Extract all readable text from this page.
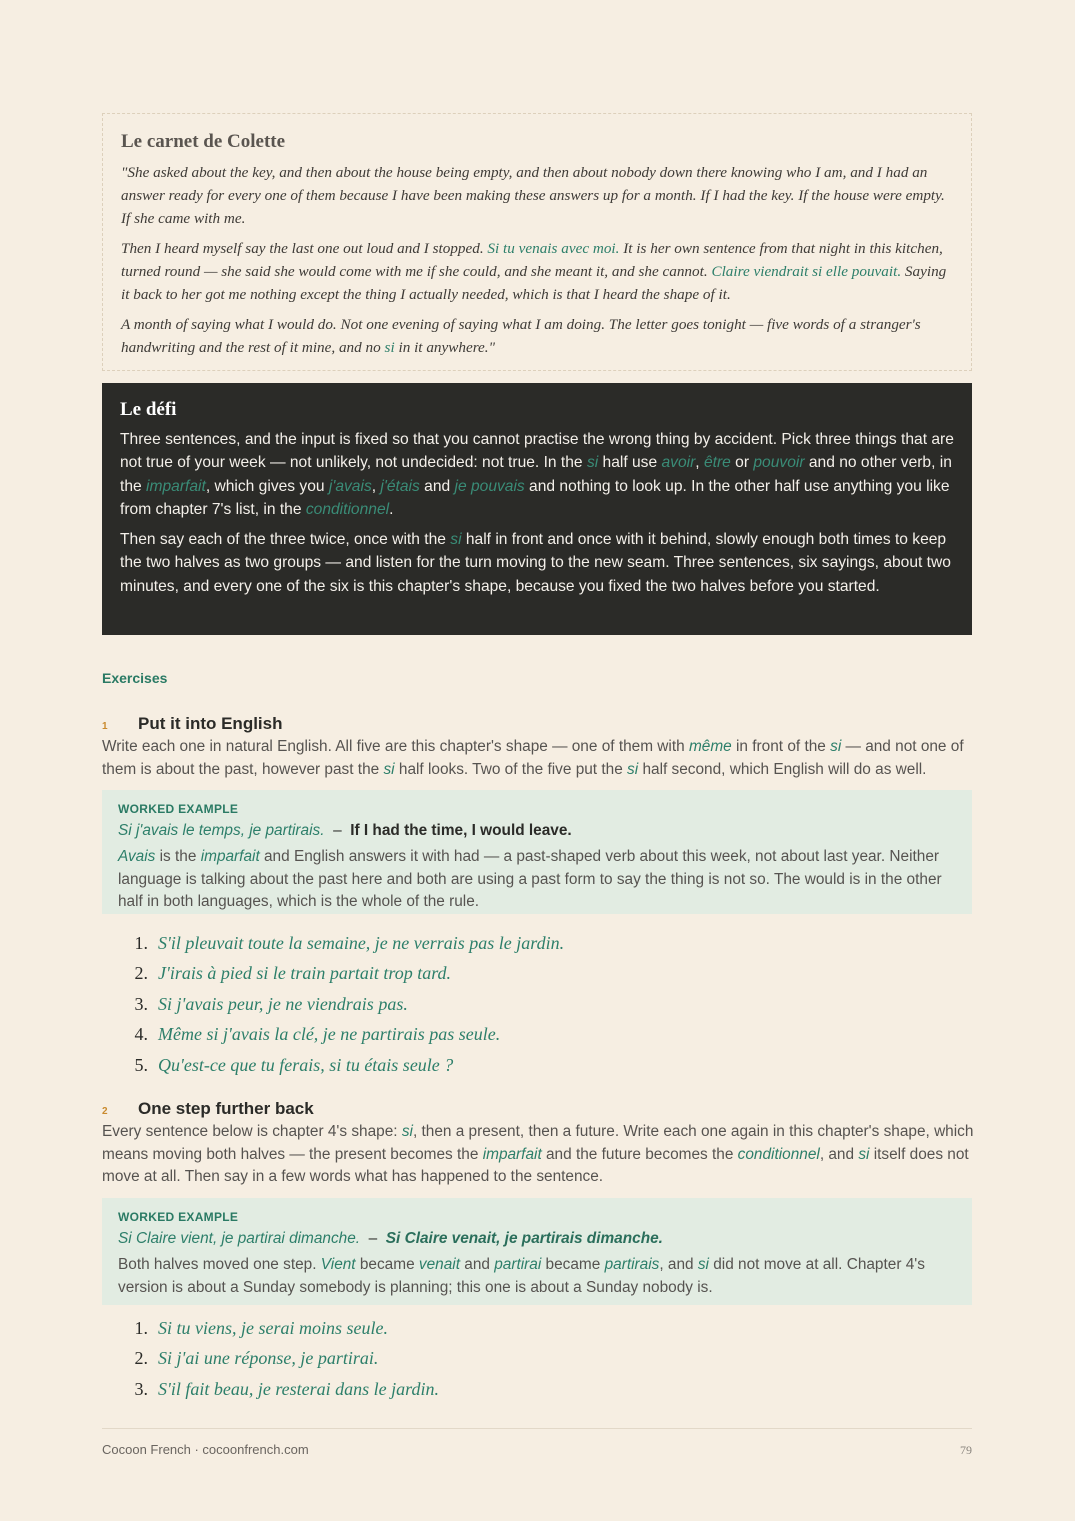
Le carnet de Colette

"She asked about the key, and then about the house being empty, and then about nobody down there knowing who I am, and I had an answer ready for every one of them because I have been making these answers up for a month. If I had the key. If the house were empty. If she came with me.

Then I heard myself say the last one out loud and I stopped. Si tu venais avec moi. It is her own sentence from that night in this kitchen, turned round — she said she would come with me if she could, and she meant it, and she cannot. Claire viendrait si elle pouvait. Saying it back to her got me nothing except the thing I actually needed, which is that I heard the shape of it.

A month of saying what I would do. Not one evening of saying what I am doing. The letter goes tonight — five words of a stranger's handwriting and the rest of it mine, and no si in it anywhere."

Le défi

Three sentences, and the input is fixed so that you cannot practise the wrong thing by accident. Pick three things that are not true of your week — not unlikely, not undecided: not true. In the si half use avoir, être or pouvoir and no other verb, in the imparfait, which gives you j'avais, j'étais and je pouvais and nothing to look up. In the other half use anything you like from chapter 7's list, in the conditionnel.

Then say each of the three twice, once with the si half in front and once with it behind, slowly enough both times to keep the two halves as two groups — and listen for the turn moving to the new seam. Three sentences, six sayings, about two minutes, and every one of the six is this chapter's shape, because you fixed the two halves before you started.

Exercises
1	Put it into English

Write each one in natural English. All five are this chapter's shape — one of them with même in front of the si — and not one of them is about the past, however past the si half looks. Two of the five put the si half second, which English will do as well.

WORKED EXAMPLE
Si j'avais le temps, je partirais. – If I had the time, I would leave.
Avais is the imparfait and English answers it with had — a past-shaped verb about this week, not about last year. Neither language is talking about the past here and both are using a past form to say the thing is not so. The would is in the other half in both languages, which is the whole of the rule.
1. S'il pleuvait toute la semaine, je ne verrais pas le jardin.
2. J'irais à pied si le train partait trop tard.
3. Si j'avais peur, je ne viendrais pas.
4. Même si j'avais la clé, je ne partirais pas seule.
5. Qu'est-ce que tu ferais, si tu étais seule ?
2	One step further back

Every sentence below is chapter 4's shape: si, then a present, then a future. Write each one again in this chapter's shape, which means moving both halves — the present becomes the imparfait and the future becomes the conditionnel, and si itself does not move at all. Then say in a few words what has happened to the sentence.

WORKED EXAMPLE
Si Claire vient, je partirai dimanche. – Si Claire venait, je partirais dimanche.
Both halves moved one step. Vient became venait and partirai became partirais, and si did not move at all. Chapter 4's version is about a Sunday somebody is planning; this one is about a Sunday nobody is.
1. Si tu viens, je serai moins seule.
2. Si j'ai une réponse, je partirai.
3. S'il fait beau, je resterai dans le jardin.
Cocoon French · cocoonfrench.com	79
